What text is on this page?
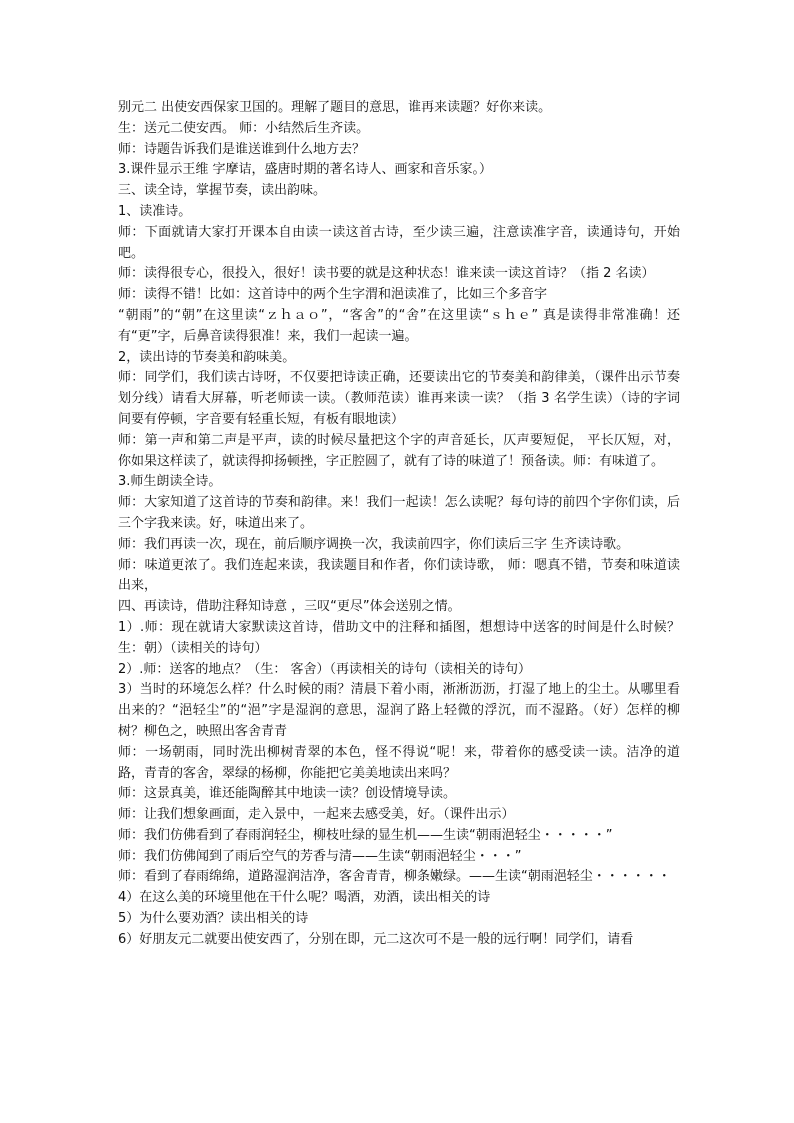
别元二 出使安西保家卫国的。理解了题目的意思，谁再来读题？好你来读。

生：送元二使安西。 师：小结然后生齐读。

师：诗题告诉我们是谁送谁到什么地方去？

3.课件显示王维 字摩诘，盛唐时期的著名诗人、画家和音乐家。）

三、读全诗，掌握节奏，读出韵味。

1、读准诗。

师：下面就请大家打开课本自由读一读这首古诗，至少读三遍，注意读准字音，读通诗句，开始吧。

师：读得很专心，很投入，很好！读书要的就是这种状态！谁来读一读这首诗？（指 2 名读）

师：读得不错！比如：这首诗中的两个生字渭和浥读准了，比如三个多音字

“朝雨”的“朝”在这里读“ｚｈａｏ”，“客舍”的“舍”在这里读“ｓｈｅ” 真是读得非常准确！还有“更”字，后鼻音读得狠准！来，我们一起读一遍。

2，读出诗的节奏美和韵味美。

师：同学们，我们读古诗呀，不仅要把诗读正确，还要读出它的节奏美和韵律美，（课件出示节奏划分线）请看大屏幕，听老师读一读。（教师范读）谁再来读一读？（指 3 名学生读）（诗的字词间要有停顿，字音要有轻重长短，有板有眼地读）

师：第一声和第二声是平声，读的时候尽量把这个字的声音延长，仄声要短促， 平长仄短，对，你如果这样读了，就读得抑扬顿挫，字正腔圆了，就有了诗的味道了！预备读。师：有味道了。

3.师生朗读全诗。

师：大家知道了这首诗的节奏和韵律。来！我们一起读！怎么读呢？每句诗的前四个字你们读，后三个字我来读。好，味道出来了。

师：我们再读一次，现在，前后顺序调换一次，我读前四字，你们读后三字 生齐读诗歌。

师：味道更浓了。我们连起来读，我读题目和作者，你们读诗歌， 师：嗯真不错，节奏和味道读出来，

四、再读诗，借助注释知诗意 ，三叹“更尽”体会送别之情。

1）.师：现在就请大家默读这首诗，借助文中的注释和插图，想想诗中送客的时间是什么时候？生：朝）（读相关的诗句）

2）.师：送客的地点？（生： 客舍）（再读相关的诗句（读相关的诗句）

3）当时的环境怎么样？什么时候的雨？清晨下着小雨，淅淅沥沥，打湿了地上的尘土。从哪里看出来的？“浥轻尘”的“浥”字是湿润的意思，湿润了路上轻微的浮沉，而不湿路。（好）怎样的柳树？柳色之，映照出客舍青青

师：一场朝雨，同时洗出柳树青翠的本色，怪不得说“呢！来，带着你的感受读一读。洁净的道路，青青的客舍，翠绿的杨柳，你能把它美美地读出来吗？

师：这景真美，谁还能陶醉其中地读一读？创设情境导读。

师：让我们想象画面，走入景中，一起来去感受美，好。（课件出示）

师：我们仿佛看到了春雨润轻尘，柳枝吐绿的显生机——生读“朝雨浥轻尘・・・・・”

师：我们仿佛闻到了雨后空气的芳香与清——生读“朝雨浥轻尘・・・”

师：看到了春雨绵绵，道路湿润洁净，客舍青青，柳条嫩绿。——生读“朝雨浥轻尘・・・・・・

4）在这么美的环境里他在干什么呢？喝酒，劝酒，读出相关的诗

5）为什么要劝酒？读出相关的诗

6）好朋友元二就要出使安西了，分别在即，元二这次可不是一般的远行啊！同学们，请看
